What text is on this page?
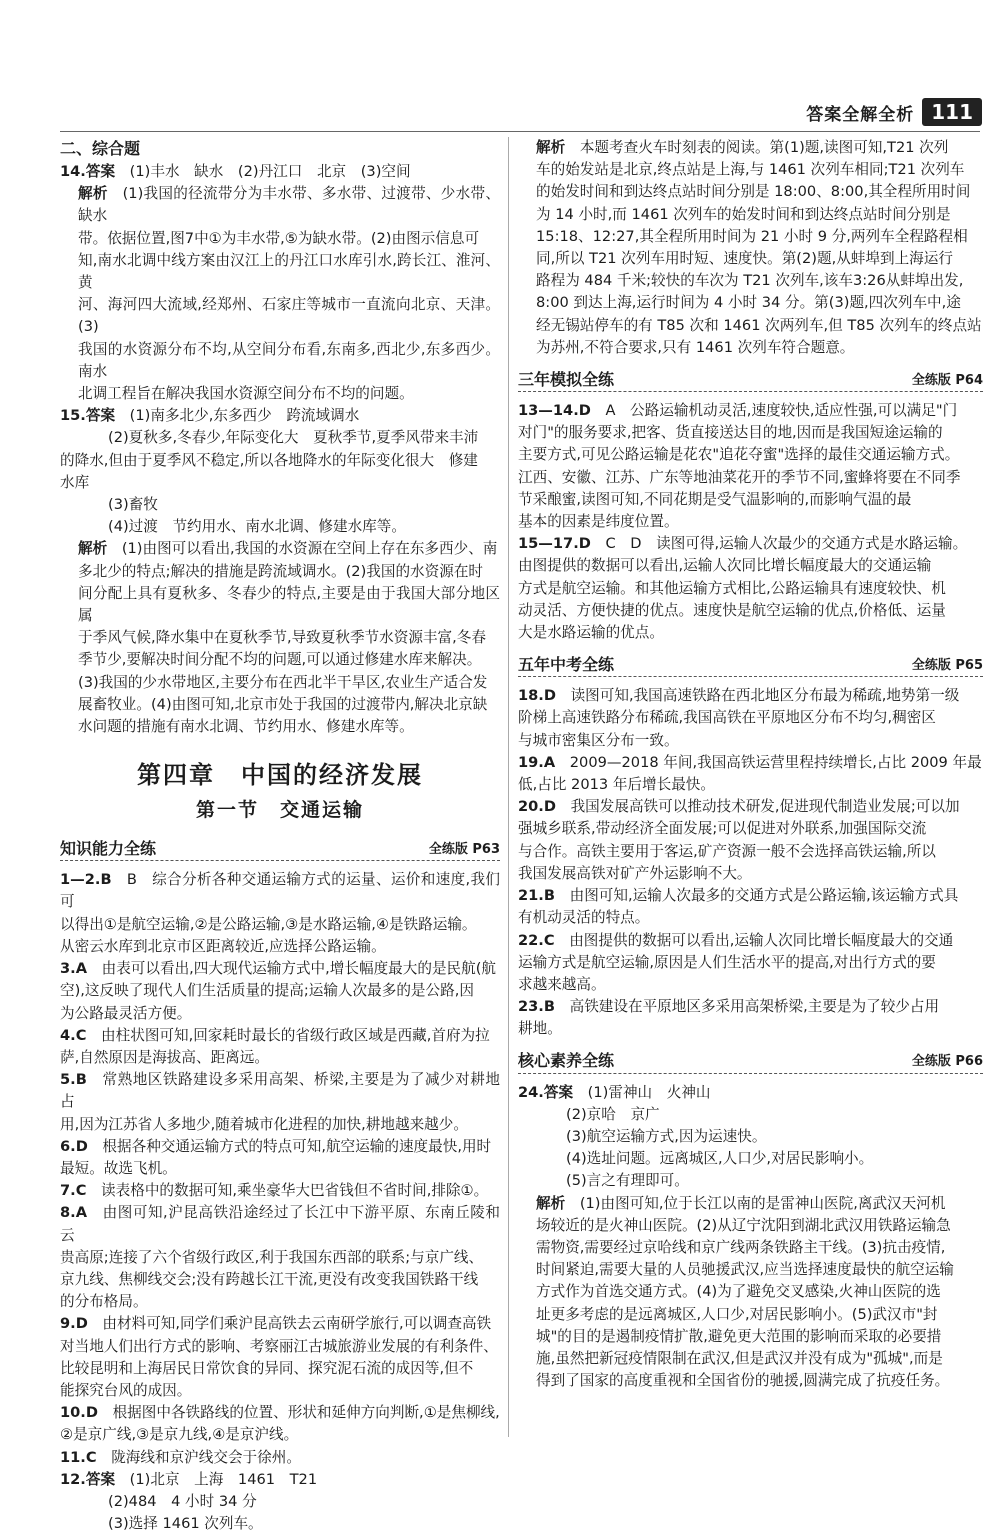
答案全解全析 111

二、综合题

14.答案　 (1)丰水　缺水　(2)丹江口　北京　(3)空间

解析　 (1)我国的径流带分为丰水带、多水带、过渡带、少水带、缺水

带。依据位置,图7中①为丰水带,⑤为缺水带。(2)由图示信息可

知,南水北调中线方案由汉江上的丹江口水库引水,跨长江、淮河、黄

河、海河四大流域,经郑州、石家庄等城市一直流向北京、天津。(3)

我国的水资源分布不均,从空间分布看,东南多,西北少,东多西少。南水

北调工程旨在解决我国水资源空间分布不均的问题。

15.答案　 (1)南多北少,东多西少　跨流域调水

(2)夏秋多,冬春少,年际变化大　夏秋季节,夏季风带来丰沛

的降水,但由于夏季风不稳定,所以各地降水的年际变化很大　修建

水库

(3)畜牧

(4)过渡　节约用水、南水北调、修建水库等。

解析　 (1)由图可以看出,我国的水资源在空间上存在东多西少、南

多北少的特点;解决的措施是跨流域调水。(2)我国的水资源在时

间分配上具有夏秋多、冬春少的特点,主要是由于我国大部分地区属

于季风气候,降水集中在夏秋季节,导致夏秋季节水资源丰富,冬春

季节少,要解决时间分配不均的问题,可以通过修建水库来解决。

(3)我国的少水带地区,主要分布在西北半干旱区,农业生产适合发

展畜牧业。(4)由图可知,北京市处于我国的过渡带内,解决北京缺

水问题的措施有南水北调、节约用水、修建水库等。

第四章　中国的经济发展
第一节　交通运输
知识能力全练	全练版 P63

1—2.B　 B　综合分析各种交通运输方式的运量、运价和速度,我们可

以得出①是航空运输,②是公路运输,③是水路运输,④是铁路运输。

从密云水库到北京市区距离较近,应选择公路运输。

3.A　 由表可以看出,四大现代运输方式中,增长幅度最大的是民航(航

空),这反映了现代人们生活质量的提高;运输人次最多的是公路,因

为公路最灵活方便。

4.C　 由柱状图可知,回家耗时最长的省级行政区域是西藏,首府为拉

萨,自然原因是海拔高、距离远。

5.B　 常熟地区铁路建设多采用高架、桥梁,主要是为了减少对耕地占

用,因为江苏省人多地少,随着城市化进程的加快,耕地越来越少。

6.D　 根据各种交通运输方式的特点可知,航空运输的速度最快,用时

最短。故选飞机。

7.C　 读表格中的数据可知,乘坐豪华大巴省钱但不省时间,排除①。

8.A　 由图可知,沪昆高铁沿途经过了长江中下游平原、东南丘陵和云

贵高原;连接了六个省级行政区,利于我国东西部的联系;与京广线、

京九线、焦柳线交会;没有跨越长江干流,更没有改变我国铁路干线

的分布格局。

9.D　 由材料可知,同学们乘沪昆高铁去云南研学旅行,可以调查高铁

对当地人们出行方式的影响、考察丽江古城旅游业发展的有利条件、

比较昆明和上海居民日常饮食的异同、探究泥石流的成因等,但不

能探究台风的成因。

10.D　 根据图中各铁路线的位置、形状和延伸方向判断,①是焦柳线,

②是京广线,③是京九线,④是京沪线。

11.C　 陇海线和京沪线交会于徐州。

12.答案　 (1)北京　上海　1461　T21

(2)484　4 小时 34 分

(3)选择 1461 次列车。

解析　 本题考查火车时刻表的阅读。第(1)题,读图可知,T21 次列

车的始发站是北京,终点站是上海,与 1461 次列车相同;T21 次列车

的始发时间和到达终点站时间分别是 18:00、8:00,其全程所用时间

为 14 小时,而 1461 次列车的始发时间和到达终点站时间分别是

15:18、12:27,其全程所用时间为 21 小时 9 分,两列车全程路程相

同,所以 T21 次列车用时短、速度快。第(2)题,从蚌埠到上海运行

路程为 484 千米;较快的车次为 T21 次列车,该车3:26从蚌埠出发,

8:00 到达上海,运行时间为 4 小时 34 分。第(3)题,四次列车中,途

经无锡站停车的有 T85 次和 1461 次两列车,但 T85 次列车的终点站

为苏州,不符合要求,只有 1461 次列车符合题意。

三年模拟全练	全练版 P64

13—14.D　 A　公路运输机动灵活,速度较快,适应性强,可以满足"门

对门"的服务要求,把客、货直接送达目的地,因而是我国短途运输的

主要方式,可见公路运输是花农"追花夺蜜"选择的最佳交通运输方式。

江西、安徽、江苏、广东等地油菜花开的季节不同,蜜蜂将要在不同季

节采酿蜜,读图可知,不同花期是受气温影响的,而影响气温的最

基本的因素是纬度位置。

15—17.D　 C　D　读图可得,运输人次最少的交通方式是水路运输。

由图提供的数据可以看出,运输人次同比增长幅度最大的交通运输

方式是航空运输。和其他运输方式相比,公路运输具有速度较快、机

动灵活、方便快捷的优点。速度快是航空运输的优点,价格低、运量

大是水路运输的优点。

五年中考全练	全练版 P65

18.D　 读图可知,我国高速铁路在西北地区分布最为稀疏,地势第一级

阶梯上高速铁路分布稀疏,我国高铁在平原地区分布不均匀,稠密区

与城市密集区分布一致。

19.A　 2009—2018 年间,我国高铁运营里程持续增长,占比 2009 年最

低,占比 2013 年后增长最快。

20.D　 我国发展高铁可以推动技术研发,促进现代制造业发展;可以加

强城乡联系,带动经济全面发展;可以促进对外联系,加强国际交流

与合作。高铁主要用于客运,矿产资源一般不会选择高铁运输,所以

我国发展高铁对矿产外运影响不大。

21.B　 由图可知,运输人次最多的交通方式是公路运输,该运输方式具

有机动灵活的特点。

22.C　 由图提供的数据可以看出,运输人次同比增长幅度最大的交通

运输方式是航空运输,原因是人们生活水平的提高,对出行方式的要

求越来越高。

23.B　 高铁建设在平原地区多采用高架桥梁,主要是为了较少占用

耕地。

核心素养全练	全练版 P66

24.答案　 (1)雷神山　火神山

(2)京哈　京广

(3)航空运输方式,因为运速快。

(4)选址问题。远离城区,人口少,对居民影响小。

(5)言之有理即可。

解析　 (1)由图可知,位于长江以南的是雷神山医院,离武汉天河机

场较近的是火神山医院。(2)从辽宁沈阳到湖北武汉用铁路运输急

需物资,需要经过京哈线和京广线两条铁路主干线。(3)抗击疫情,

时间紧迫,需要大量的人员驰援武汉,应当选择速度最快的航空运输

方式作为首选交通方式。(4)为了避免交叉感染,火神山医院的选

址更多考虑的是远离城区,人口少,对居民影响小。(5)武汉市"封

城"的目的是遏制疫情扩散,避免更大范围的影响而采取的必要措

施,虽然把新冠疫情限制在武汉,但是武汉并没有成为"孤城",而是

得到了国家的高度重视和全国省份的驰援,圆满完成了抗疫任务。
